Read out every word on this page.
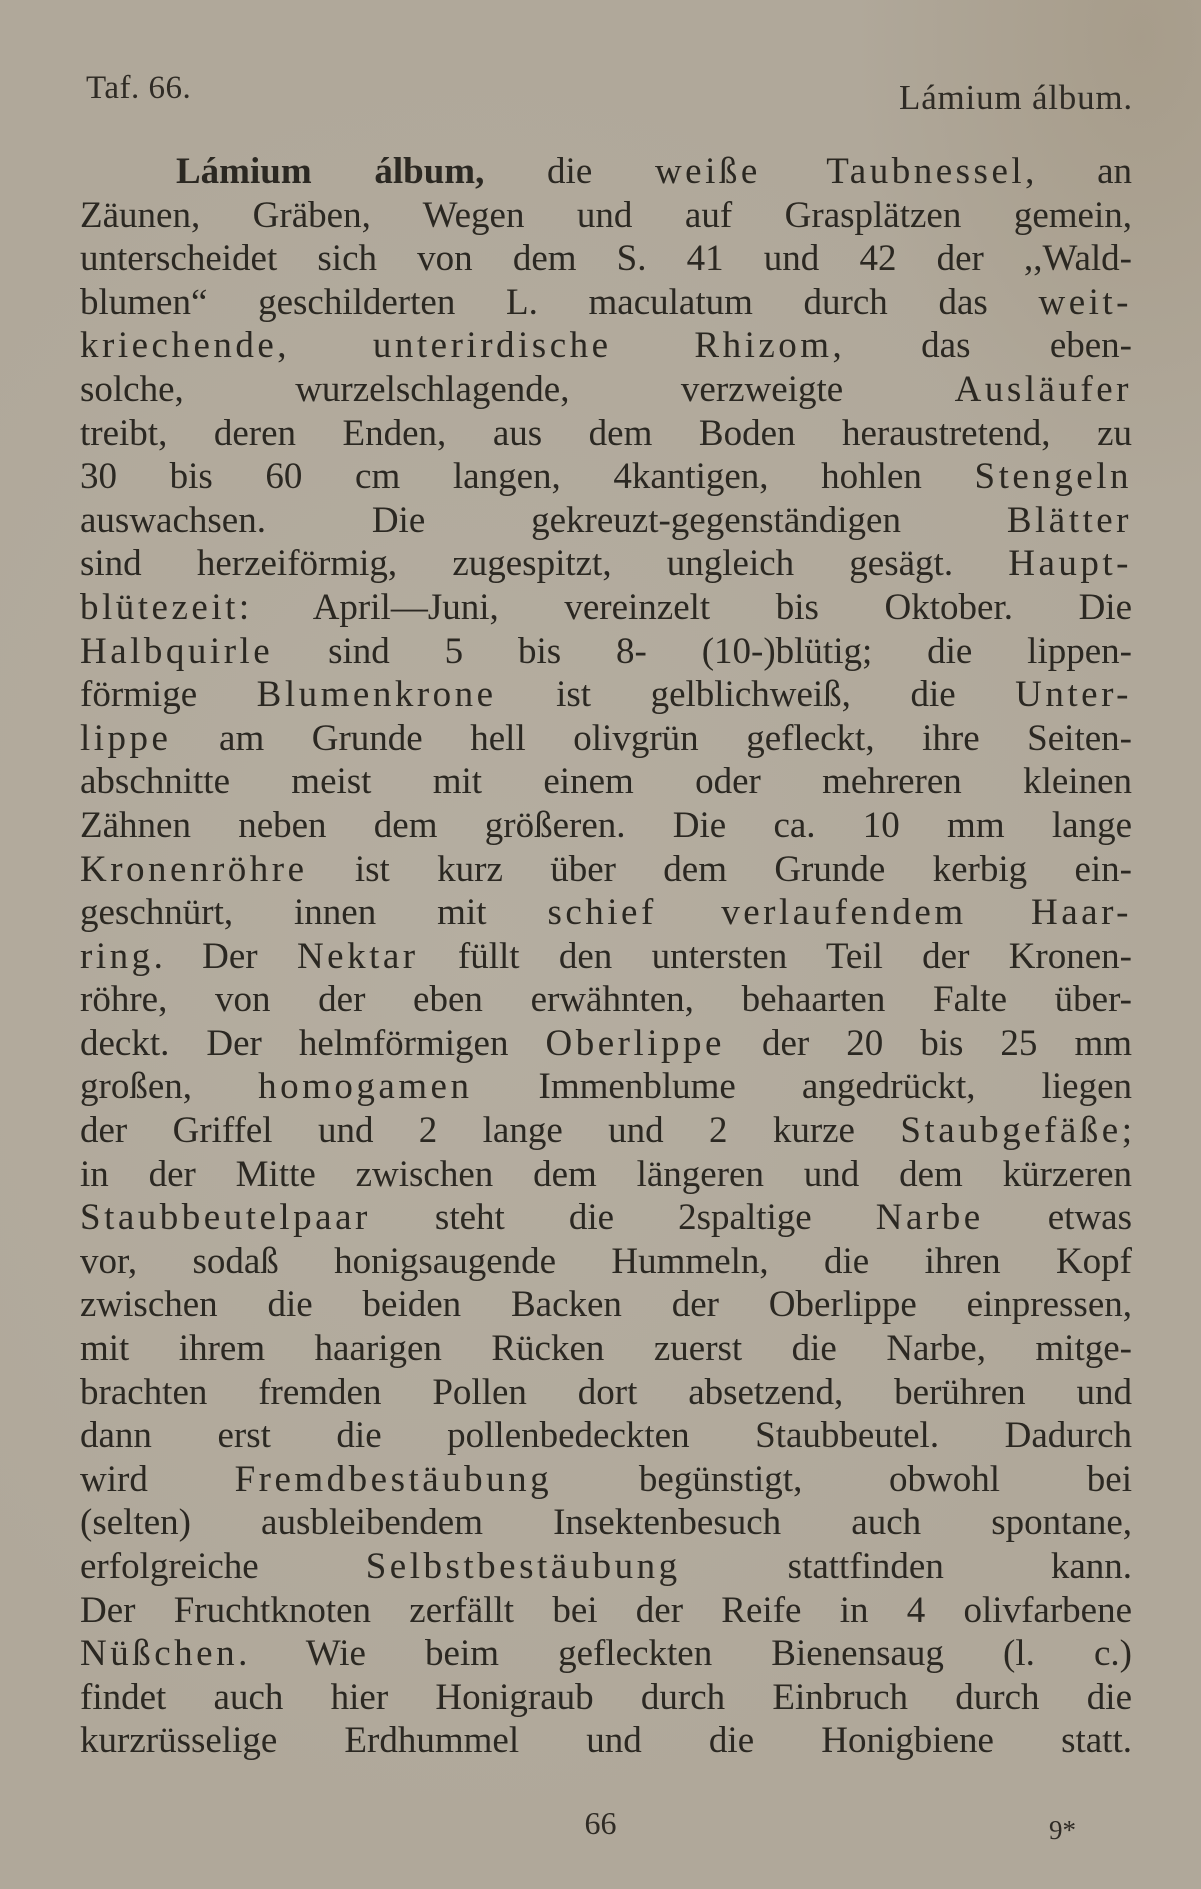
Taf. 66.	Lámium álbum.
Lámium álbum, die weiße Taubnessel, an
Zäunen, Gräben, Wegen und auf Grasplätzen gemein,
unterscheidet sich von dem S. 41 und 42 der ,,Wald-
blumen“ geschilderten L. maculatum durch das weit-
kriechende, unterirdische Rhizom, das eben-
solche, wurzelschlagende, verzweigte Ausläufer
treibt, deren Enden, aus dem Boden heraustretend, zu
30 bis 60 cm langen, 4kantigen, hohlen Stengeln
auswachsen. Die gekreuzt-gegenständigen Blätter
sind herzeiförmig, zugespitzt, ungleich gesägt. Haupt-
blütezeit: April—Juni, vereinzelt bis Oktober. Die
Halbquirle sind 5 bis 8- (10-)blütig; die lippen-
förmige Blumenkrone ist gelblichweiß, die Unter-
lippe am Grunde hell olivgrün gefleckt, ihre Seiten-
abschnitte meist mit einem oder mehreren kleinen
Zähnen neben dem größeren. Die ca. 10 mm lange
Kronenröhre ist kurz über dem Grunde kerbig ein-
geschnürt, innen mit schief verlaufendem Haar-
ring. Der Nektar füllt den untersten Teil der Kronen-
röhre, von der eben erwähnten, behaarten Falte über-
deckt. Der helmförmigen Oberlippe der 20 bis 25 mm
großen, homogamen Immenblume angedrückt, liegen
der Griffel und 2 lange und 2 kurze Staubgefäße;
in der Mitte zwischen dem längeren und dem kürzeren
Staubbeutelpaar steht die 2spaltige Narbe etwas
vor, sodaß honigsaugende Hummeln, die ihren Kopf
zwischen die beiden Backen der Oberlippe einpressen,
mit ihrem haarigen Rücken zuerst die Narbe, mitge-
brachten fremden Pollen dort absetzend, berühren und
dann erst die pollenbedeckten Staubbeutel. Dadurch
wird Fremdbestäubung begünstigt, obwohl bei
(selten) ausbleibendem Insektenbesuch auch spontane,
erfolgreiche Selbstbestäubung stattfinden kann.
Der Fruchtknoten zerfällt bei der Reife in 4 olivfarbene
Nüßchen. Wie beim gefleckten Bienensaug (l. c.)
findet auch hier Honigraub durch Einbruch durch die
kurzrüsselige Erdhummel und die Honigbiene statt.
66	9*
